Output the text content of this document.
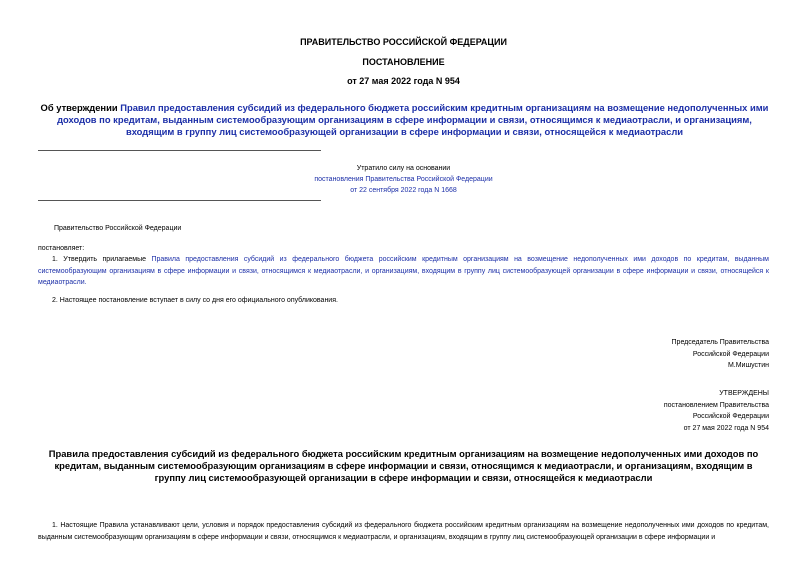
ПРАВИТЕЛЬСТВО РОССИЙСКОЙ ФЕДЕРАЦИИ
ПОСТАНОВЛЕНИЕ
от 27 мая 2022 года N 954
Об утверждении Правил предоставления субсидий из федерального бюджета российским кредитным организациям на возмещение недополученных ими доходов по кредитам, выданным системообразующим организациям в сфере информации и связи, относящимся к медиаотрасли, и организациям, входящим в группу лиц системообразующей организации в сфере информации и связи, относящейся к медиаотрасли
Утратило силу на основании
постановления Правительства Российской Федерации
от 22 сентября 2022 года N 1668
Правительство Российской Федерации
постановляет:
1. Утвердить прилагаемые Правила предоставления субсидий из федерального бюджета российским кредитным организациям на возмещение недополученных ими доходов по кредитам, выданным системообразующим организациям в сфере информации и связи, относящимся к медиаотрасли, и организациям, входящим в группу лиц системообразующей организации в сфере информации и связи, относящейся к медиаотрасли.
2. Настоящее постановление вступает в силу со дня его официального опубликования.
Председатель Правительства
Российской Федерации
М.Мишустин
УТВЕРЖДЕНЫ
постановлением Правительства
Российской Федерации
от 27 мая 2022 года N 954
Правила предоставления субсидий из федерального бюджета российским кредитным организациям на возмещение недополученных ими доходов по кредитам, выданным системообразующим организациям в сфере информации и связи, относящимся к медиаотрасли, и организациям, входящим в группу лиц системообразующей организации в сфере информации и связи, относящейся к медиаотрасли
1. Настоящие Правила устанавливают цели, условия и порядок предоставления субсидий из федерального бюджета российским кредитным организациям на возмещение недополученных ими доходов по кредитам, выданным системообразующим организациям в сфере информации и связи, относящимся к медиаотрасли, и организациям, входящим в группу лиц системообразующей организации в сфере информации и
